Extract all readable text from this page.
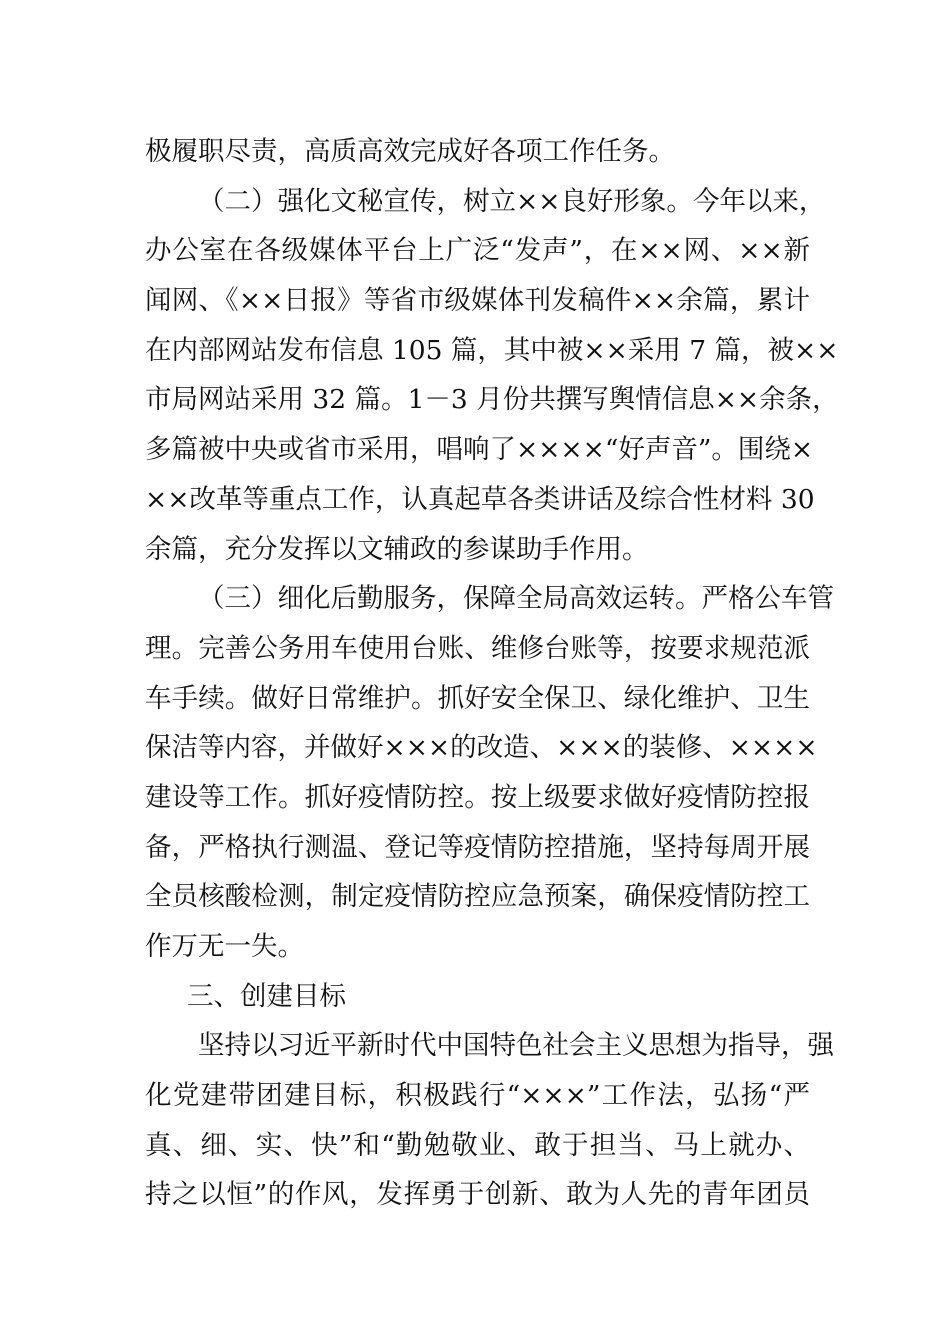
极履职尽责，高质高效完成好各项工作任务。
（二）强化文秘宣传，树立××良好形象。今年以来，
办公室在各级媒体平台上广泛“发声”，在××网、××新
闻网、《××日报》等省市级媒体刊发稿件××余篇，累计
在内部网站发布信息 105 篇，其中被××采用 7 篇，被××
市局网站采用 32 篇。1－3 月份共撰写舆情信息××余条，
多篇被中央或省市采用，唱响了××××“好声音”。围绕×
××改革等重点工作，认真起草各类讲话及综合性材料 30
余篇，充分发挥以文辅政的参谋助手作用。
（三）细化后勤服务，保障全局高效运转。严格公车管
理。完善公务用车使用台账、维修台账等，按要求规范派
车手续。做好日常维护。抓好安全保卫、绿化维护、卫生
保洁等内容，并做好×××的改造、×××的装修、××××
建设等工作。抓好疫情防控。按上级要求做好疫情防控报
备，严格执行测温、登记等疫情防控措施，坚持每周开展
全员核酸检测，制定疫情防控应急预案，确保疫情防控工
作万无一失。
三、创建目标
坚持以习近平新时代中国特色社会主义思想为指导，强
化党建带团建目标，积极践行“×××”工作法，弘扬“严
真、细、实、快”和“勤勉敬业、敢于担当、马上就办、
持之以恒”的作风，发挥勇于创新、敢为人先的青年团员
